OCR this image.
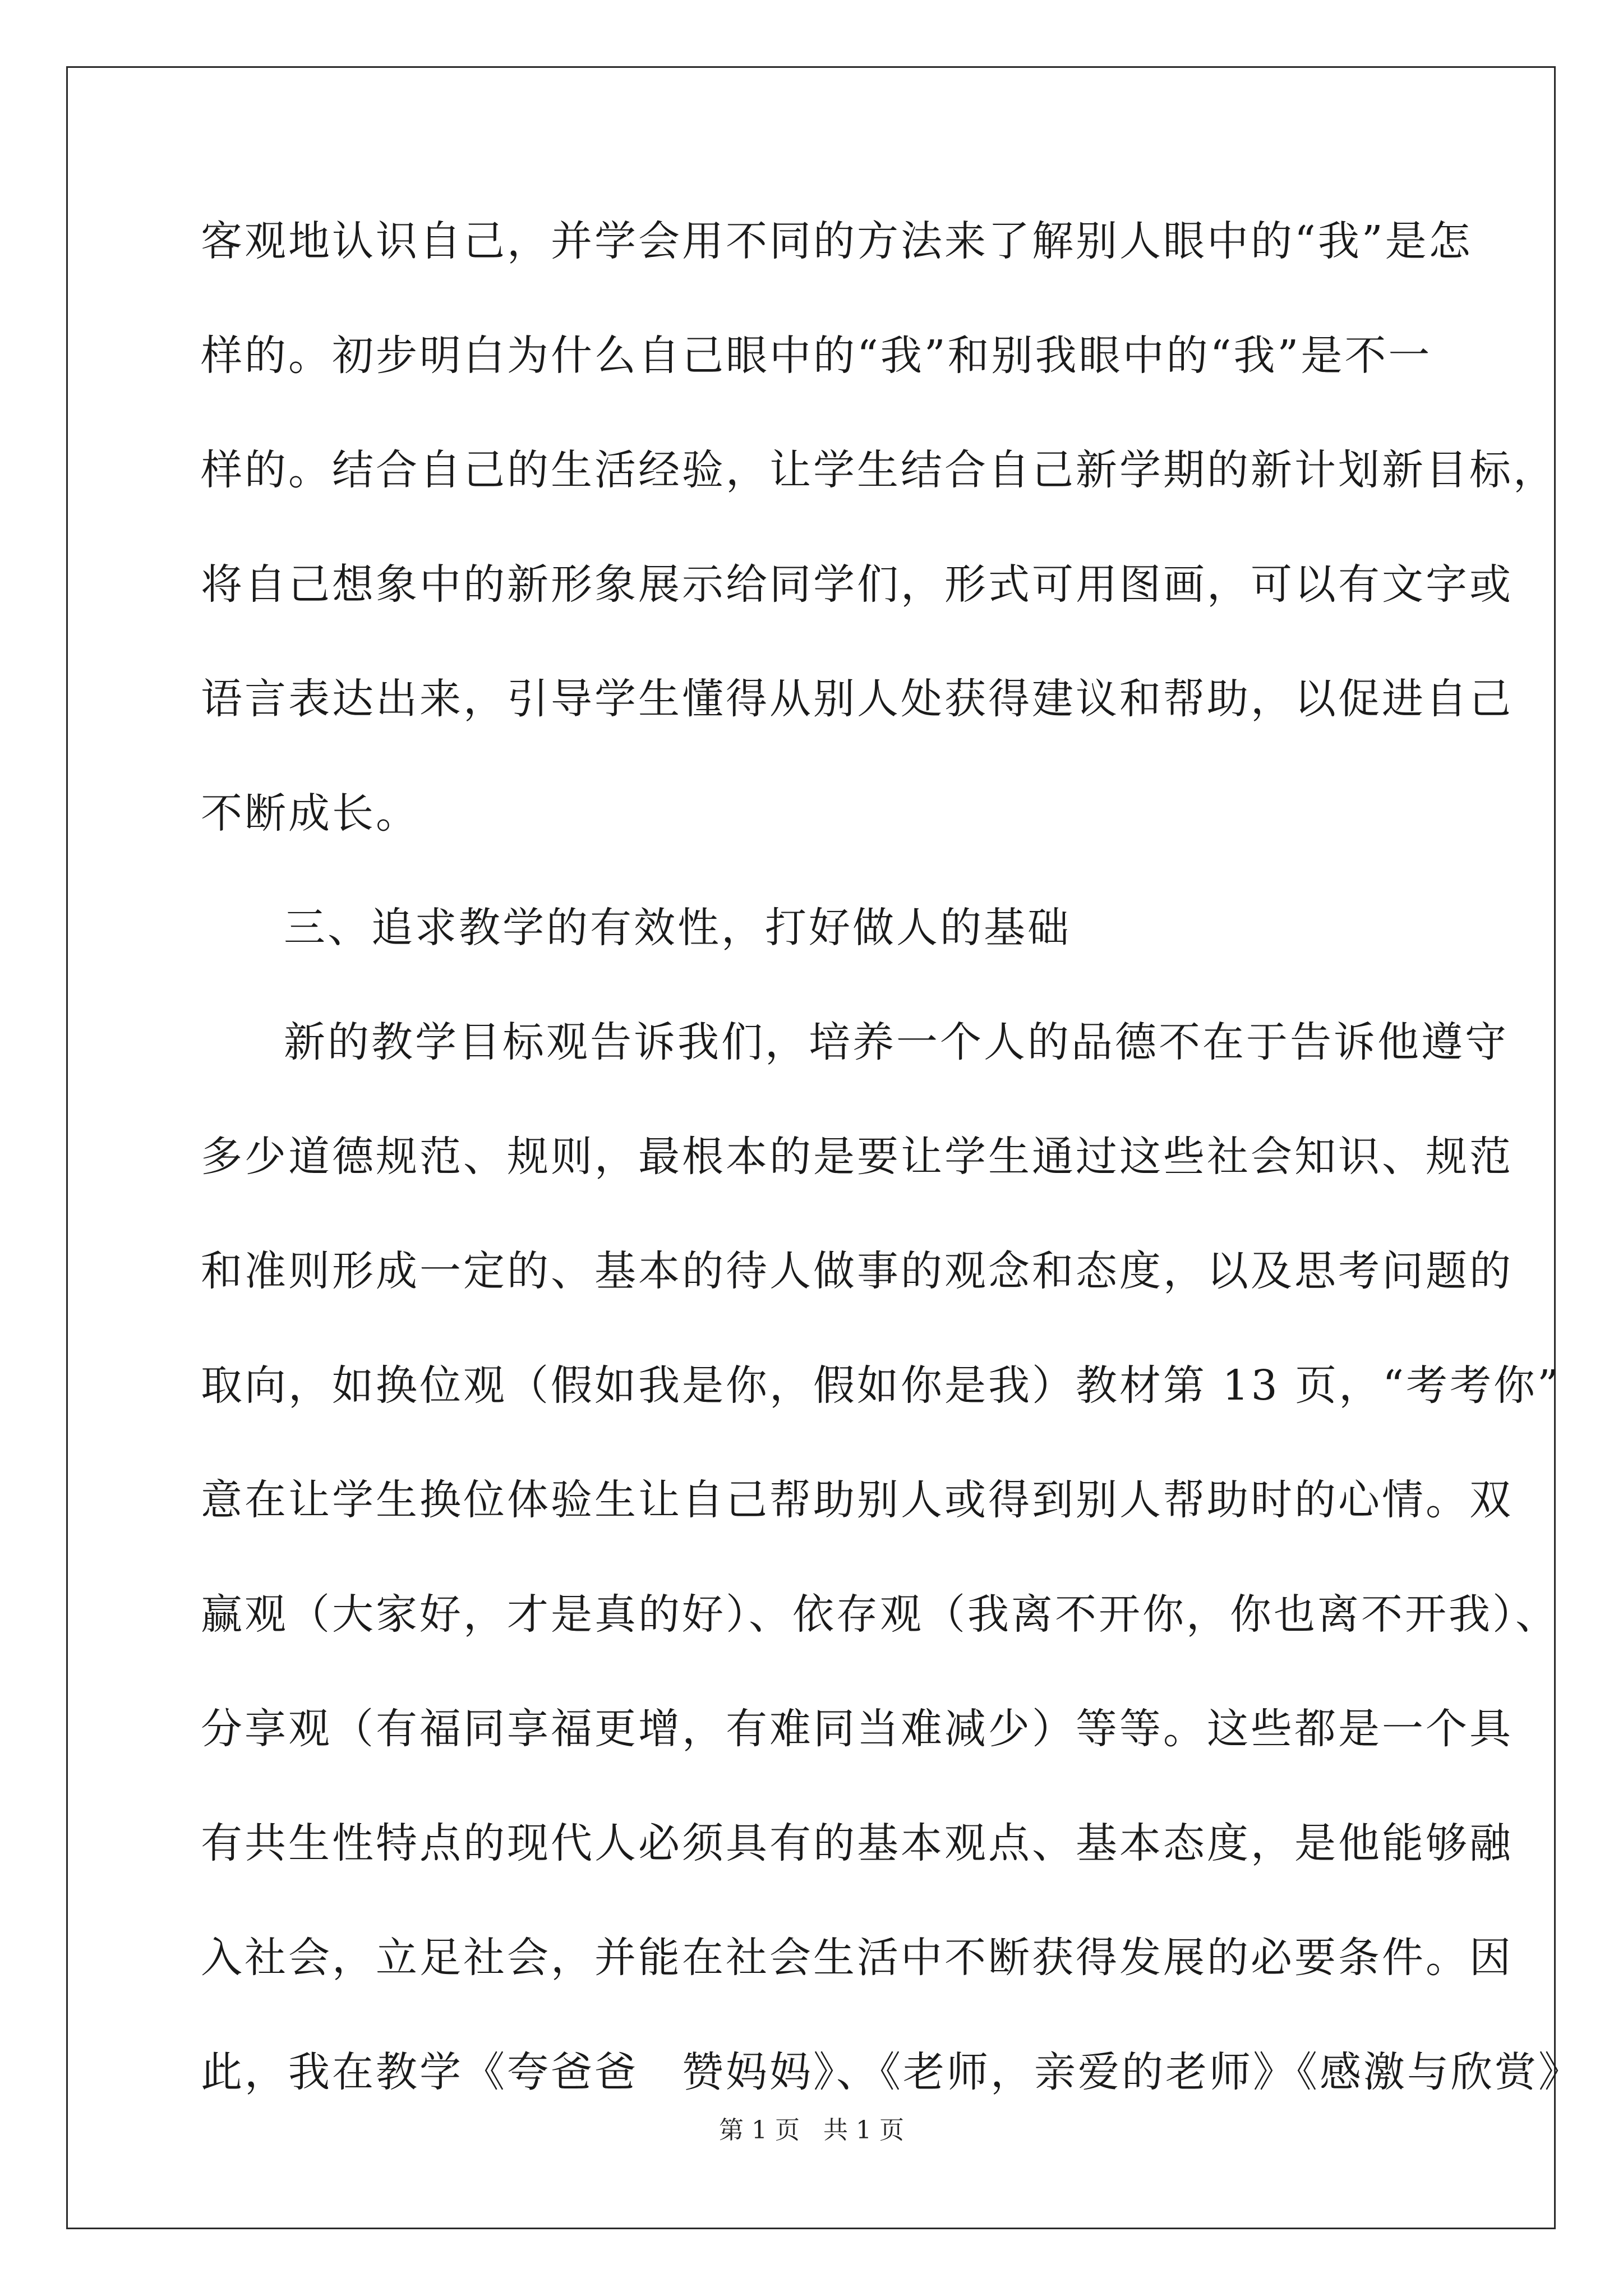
客观地认识自己，并学会用不同的方法来了解别人眼中的“我”是怎
样的。初步明白为什么自己眼中的“我”和别我眼中的“我”是不一
样的。结合自己的生活经验，让学生结合自己新学期的新计划新目标，
将自己想象中的新形象展示给同学们，形式可用图画，可以有文字或
语言表达出来，引导学生懂得从别人处获得建议和帮助，以促进自己
不断成长。
三、追求教学的有效性，打好做人的基础
新的教学目标观告诉我们，培养一个人的品德不在于告诉他遵守
多少道德规范、规则，最根本的是要让学生通过这些社会知识、规范
和准则形成一定的、基本的待人做事的观念和态度，以及思考问题的
取向，如换位观（假如我是你，假如你是我）教材第 13 页，“考考你”
意在让学生换位体验生让自己帮助别人或得到别人帮助时的心情。双
赢观（大家好，才是真的好）、依存观（我离不开你，你也离不开我）、
分享观（有福同享福更增，有难同当难减少）等等。这些都是一个具
有共生性特点的现代人必须具有的基本观点、基本态度，是他能够融
入社会，立足社会，并能在社会生活中不断获得发展的必要条件。因
此，我在教学《夸爸爸　赞妈妈》、《老师，亲爱的老师》《感激与欣赏》
第 1 页 共 1 页
